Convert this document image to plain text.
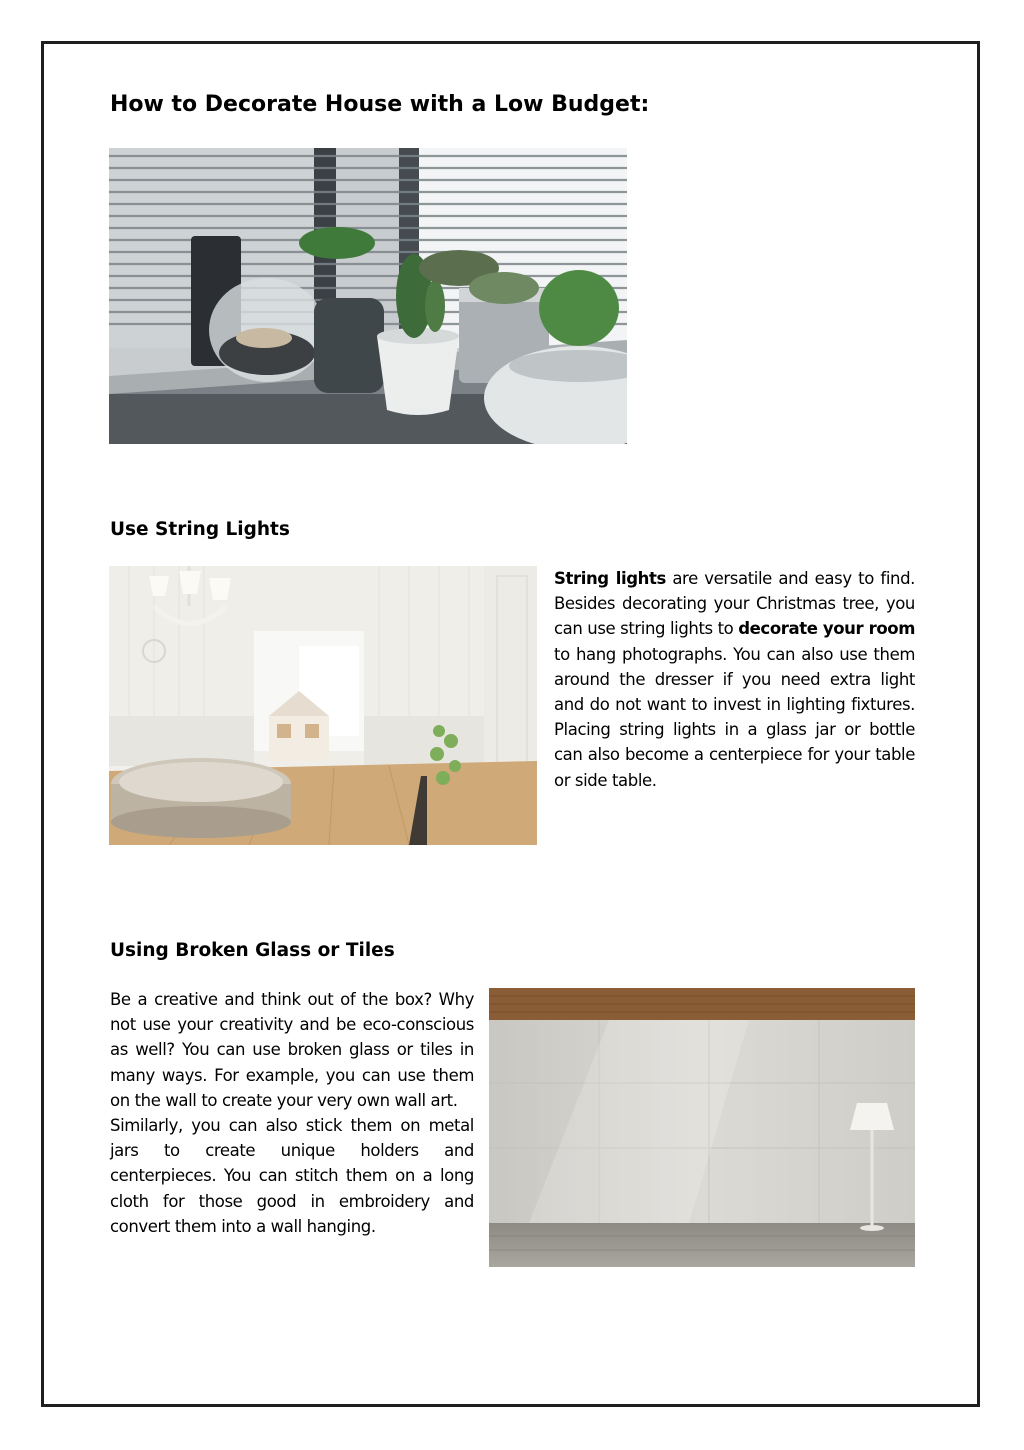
How to Decorate House with a Low Budget:
Use String Lights

String lights are versatile and easy to find. Besides decorating your Christmas tree, you can use string lights to decorate your room to hang photographs. You can also use them around the dresser if you need extra light and do not want to invest in lighting fixtures. Placing string lights in a glass jar or bottle can also become a centerpiece for your table or side table.

Using Broken Glass or Tiles

Be a creative and think out of the box? Why not use your creativity and be eco-conscious as well? You can use broken glass or tiles in many ways. For example, you can use them on the wall to create your very own wall art.

Similarly, you can also stick them on metal jars to create unique holders and centerpieces. You can stitch them on a long cloth for those good in embroidery and convert them into a wall hanging.
